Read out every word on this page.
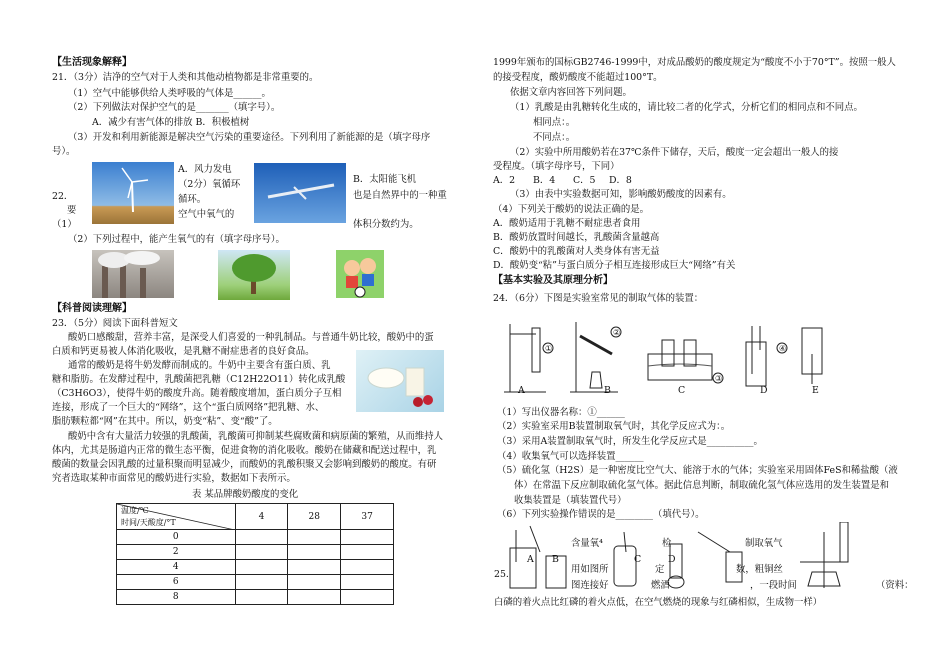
【生活现象解释】
21．（3分）洁净的空气对于人类和其他动植物都是非常重要的。
（1）空气中能够供给人类呼吸的气体是______。
（2）下列做法对保护空气的是_______（填字号）。
A．减少有害气体的排放 B．积极植树
（3）开发和利用新能源是解决空气污染的重要途径。下列利用了新能源的是（填字母序
号）。
A．风力发电
（2分）氧循环
循环。
空气中氧气的
B．太阳能飞机
也是自然界中的一种重
体积分数约为。
22．
要
（1）
（2）下列过程中，能产生氧气的有（填字母序号）。
【科普阅读理解】
23．（5分）阅读下面科普短文
酸奶口感酸甜，营养丰富，是深受人们喜爱的一种乳制品。与普通牛奶比较，酸奶中的蛋
白质和钙更易被人体消化吸收，是乳糖不耐症患者的良好食品。
通常的酸奶是将牛奶发酵而制成的。牛奶中主要含有蛋白质、乳
糖和脂肪。在发酵过程中，乳酸菌把乳糖（C12H22O11）转化成乳酸
（C3H6O3），使得牛奶的酸度升高。随着酸度增加，蛋白质分子互相
连接，形成了一个巨大的“网络”，这个“蛋白质网络”把乳糖、水、
脂肪颗粒都“网”在其中。所以，奶变“粘”、变“酸”了。
酸奶中含有大量活力较强的乳酸菌，乳酸菌可抑制某些腐败菌和病原菌的繁殖，从而维持人
体内，尤其是肠道内正常的微生态平衡，促进食物的消化吸收。酸奶在储藏和配送过程中，乳
酸菌的数量会因乳酸的过量积聚而明显减少，而酸奶的乳酸积聚又会影响到酸奶的酸度。有研
究者选取某种市面常见的酸奶进行实验，数据如下表所示。
表 某品牌酸奶酸度的变化
温度/℃
时间/天酸度/°T	4	28	37
0			
2			
4			
6			
8			
1999年颁布的国标GB2746-1999中，对成品酸奶的酸度规定为“酸度不小于70°T”。按照一般人
的接受程度，酸奶酸度不能超过100°T。
依据文章内容回答下列问题。
（1）乳酸是由乳糖转化生成的，请比较二者的化学式，分析它们的相同点和不同点。
相同点：。
不同点：。
（2）实验中所用酸奶若在37℃条件下储存，天后，酸度一定会超出一般人的接
受程度。（填字母序号，下同）
A．2 B．4 C．5 D．8
（3）由表中实验数据可知，影响酸奶酸度的因素有。
（4）下列关于酸奶的说法正确的是。
A．酸奶适用于乳糖不耐症患者食用
B．酸奶放置时间越长，乳酸菌含量越高
C．酸奶中的乳酸菌对人类身体有害无益
D．酸奶变“粘”与蛋白质分子相互连接形成巨大“网络”有关
【基本实验及其原理分析】
24．（6分）下图是实验室常见的制取气体的装置：
A	B	C	D	E
①
②
③
④
（1）写出仪器名称：①______
（2）实验室采用B装置制取氧气时，其化学反应式为：。
（3）采用A装置制取氧气时，所发生化学反应式是__________。
（4）收集氧气可以选择装置______
（5）硫化氢（H2S）是一种密度比空气大、能溶于水的气体；实验室采用固体FeS和稀盐酸（液
体）在常温下反应制取硫化氢气体。据此信息判断，制取硫化氢气体应选用的发生装置是和
收集装置是（填装置代号）
（6）下列实验操作错误的是________（填代号）。
含量氧⁴	检	制取氧气
A B	C	D
用如图所	定	数，粗铜丝
25.
图连接好	燃酒	，一段时间	（资料：
白磷的着火点比红磷的着火点低，在空气燃烧的现象与红磷相似，生成物一样）
